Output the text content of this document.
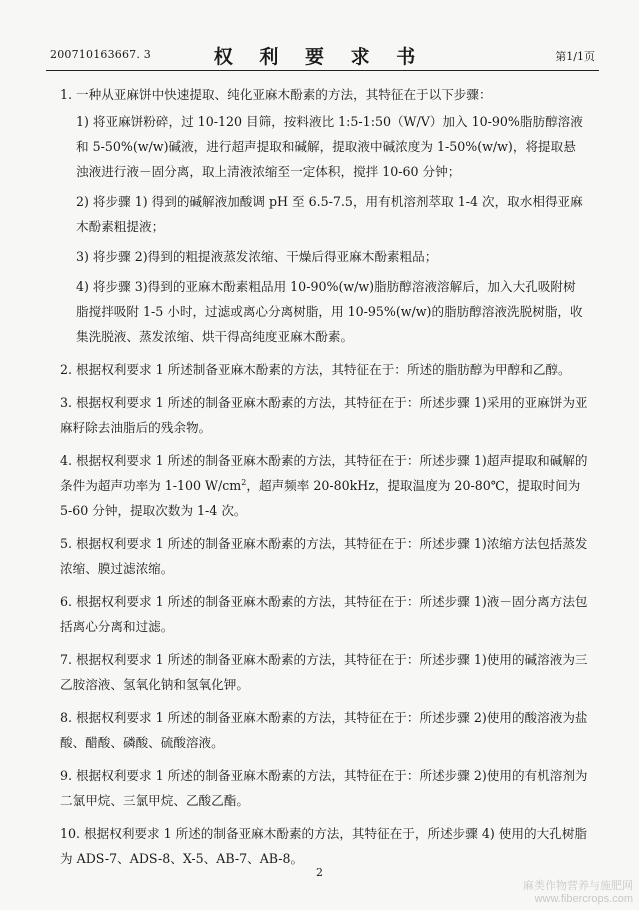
200710163667. 3	权 利 要 求 书	第1/1页
1. 一种从亚麻饼中快速提取、纯化亚麻木酚素的方法，其特征在于以下步骤：
1) 将亚麻饼粉碎，过 10-120 目筛，按料液比 1:5-1:50（W/V）加入 10-90%脂肪醇溶液和 5-50%(w/w)碱液，进行超声提取和碱解，提取液中碱浓度为 1-50%(w/w)，将提取悬浊液进行液－固分离，取上清液浓缩至一定体积，搅拌 10-60 分钟；
2) 将步骤 1) 得到的碱解液加酸调 pH 至 6.5-7.5，用有机溶剂萃取 1-4 次，取水相得亚麻木酚素粗提液；
3) 将步骤 2)得到的粗提液蒸发浓缩、干燥后得亚麻木酚素粗品；
4) 将步骤 3)得到的亚麻木酚素粗品用 10-90%(w/w)脂肪醇溶液溶解后，加入大孔吸附树脂搅拌吸附 1-5 小时，过滤或离心分离树脂，用 10-95%(w/w)的脂肪醇溶液洗脱树脂，收集洗脱液、蒸发浓缩、烘干得高纯度亚麻木酚素。
2. 根据权利要求 1 所述制备亚麻木酚素的方法，其特征在于：所述的脂肪醇为甲醇和乙醇。
3. 根据权利要求 1 所述的制备亚麻木酚素的方法，其特征在于：所述步骤 1)采用的亚麻饼为亚麻籽除去油脂后的残余物。
4. 根据权利要求 1 所述的制备亚麻木酚素的方法，其特征在于：所述步骤 1)超声提取和碱解的条件为超声功率为 1-100 $W/cm^2$，超声频率 20-80kHz，提取温度为 20-80℃，提取时间为 5-60 分钟，提取次数为 1-4 次。
5. 根据权利要求 1 所述的制备亚麻木酚素的方法，其特征在于：所述步骤 1)浓缩方法包括蒸发浓缩、膜过滤浓缩。
6. 根据权利要求 1 所述的制备亚麻木酚素的方法，其特征在于：所述步骤 1)液－固分离方法包括离心分离和过滤。
7. 根据权利要求 1 所述的制备亚麻木酚素的方法，其特征在于：所述步骤 1)使用的碱溶液为三乙胺溶液、氢氧化钠和氢氧化钾。
8. 根据权利要求 1 所述的制备亚麻木酚素的方法，其特征在于：所述步骤 2)使用的酸溶液为盐酸、醋酸、磷酸、硫酸溶液。
9. 根据权利要求 1 所述的制备亚麻木酚素的方法，其特征在于：所述步骤 2)使用的有机溶剂为二氯甲烷、三氯甲烷、乙酸乙酯。
10. 根据权利要求 1 所述的制备亚麻木酚素的方法，其特征在于，所述步骤 4) 使用的大孔树脂为 ADS-7、ADS-8、X-5、AB-7、AB-8。
2
麻类作物营养与施肥网
www.fibercrops.com
